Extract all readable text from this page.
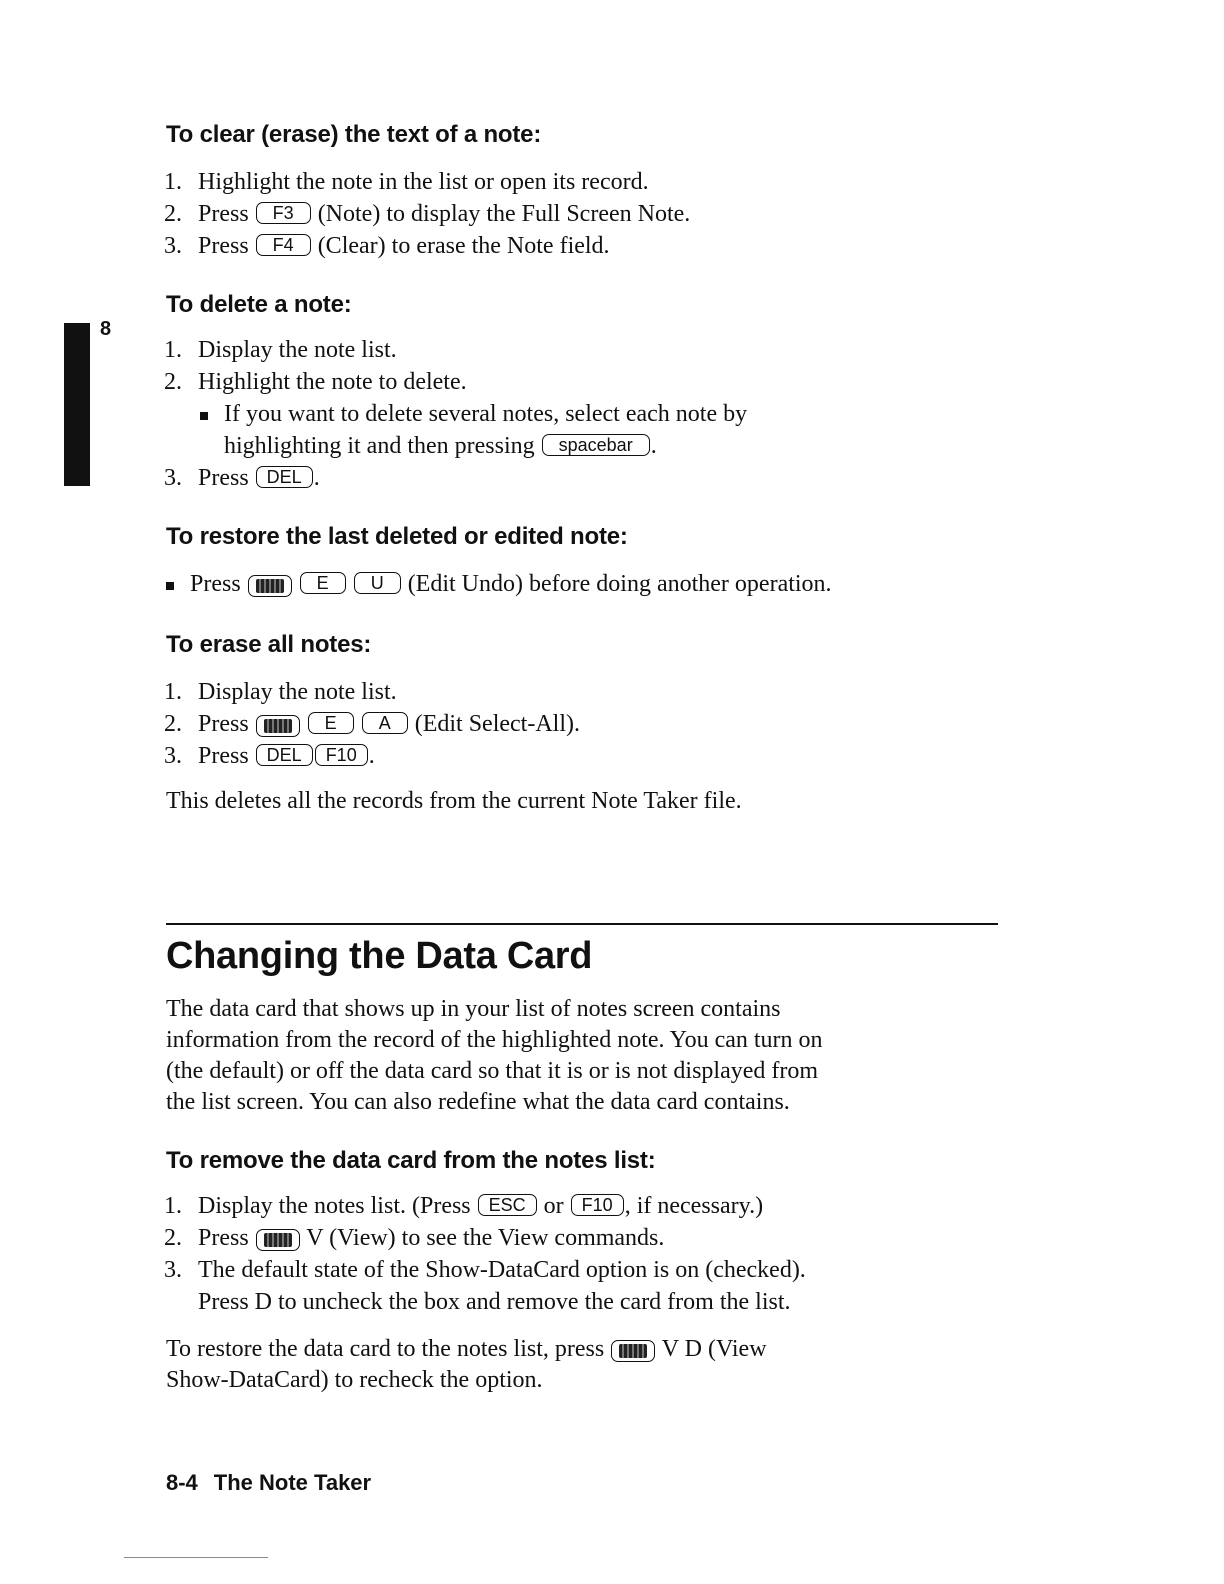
8
To clear (erase) the text of a note:
1. Highlight the note in the list or open its record.
2. Press F3 (Note) to display the Full Screen Note.
3. Press F4 (Clear) to erase the Note field.
To delete a note:
1. Display the note list.
2. Highlight the note to delete.
If you want to delete several notes, select each note by
highlighting it and then pressing spacebar .
3. Press DEL .
To restore the last deleted or edited note:
Press	E U (Edit Undo) before doing another operation.
To erase all notes:
1. Display the note list.
2. Press	E A (Edit Select-All).
3. Press DEL F10 .

This deletes all the records from the current Note Taker file.

Changing the Data Card

The data card that shows up in your list of notes screen contains

information from the record of the highlighted note. You can turn on

(the default) or off the data card so that it is or is not displayed from

the list screen. You can also redefine what the data card contains.

To remove the data card from the notes list:
1. Display the notes list. (Press ESC or F10 , if necessary.)
2. Press V (View) to see the View commands.
3. The default state of the Show-DataCard option is on (checked).
Press D to uncheck the box and remove the card from the list.

To restore the data card to the notes list, press V D (View
Show-DataCard) to recheck the option.

8-4 The Note Taker
